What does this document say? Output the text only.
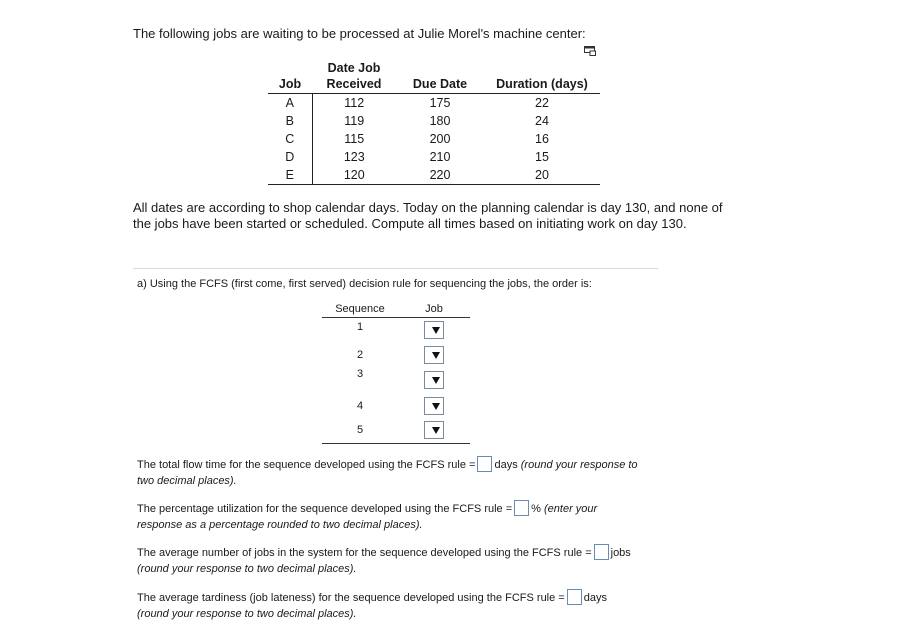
The following jobs are waiting to be processed at Julie Morel's machine center:
	Date Job		
Job	Received	Due Date	Duration (days)
A	112	175	22
B	119	180	24
C	115	200	16
D	123	210	15
E	120	220	20
All dates are according to shop calendar days. Today on the planning calendar is day 130, and none of
the jobs have been started or scheduled. Compute all times based on initiating work on day 130.
a) Using the FCFS (first come, first served) decision rule for sequencing the jobs, the order is:
Sequence	Job
1	

2	

3	

4	

5	
The total flow time for the sequence developed using the FCFS rule = days (round your response to
two decimal places).
The percentage utilization for the sequence developed using the FCFS rule = % (enter your
response as a percentage rounded to two decimal places).
The average number of jobs in the system for the sequence developed using the FCFS rule = jobs
(round your response to two decimal places).
The average tardiness (job lateness) for the sequence developed using the FCFS rule = days
(round your response to two decimal places).
